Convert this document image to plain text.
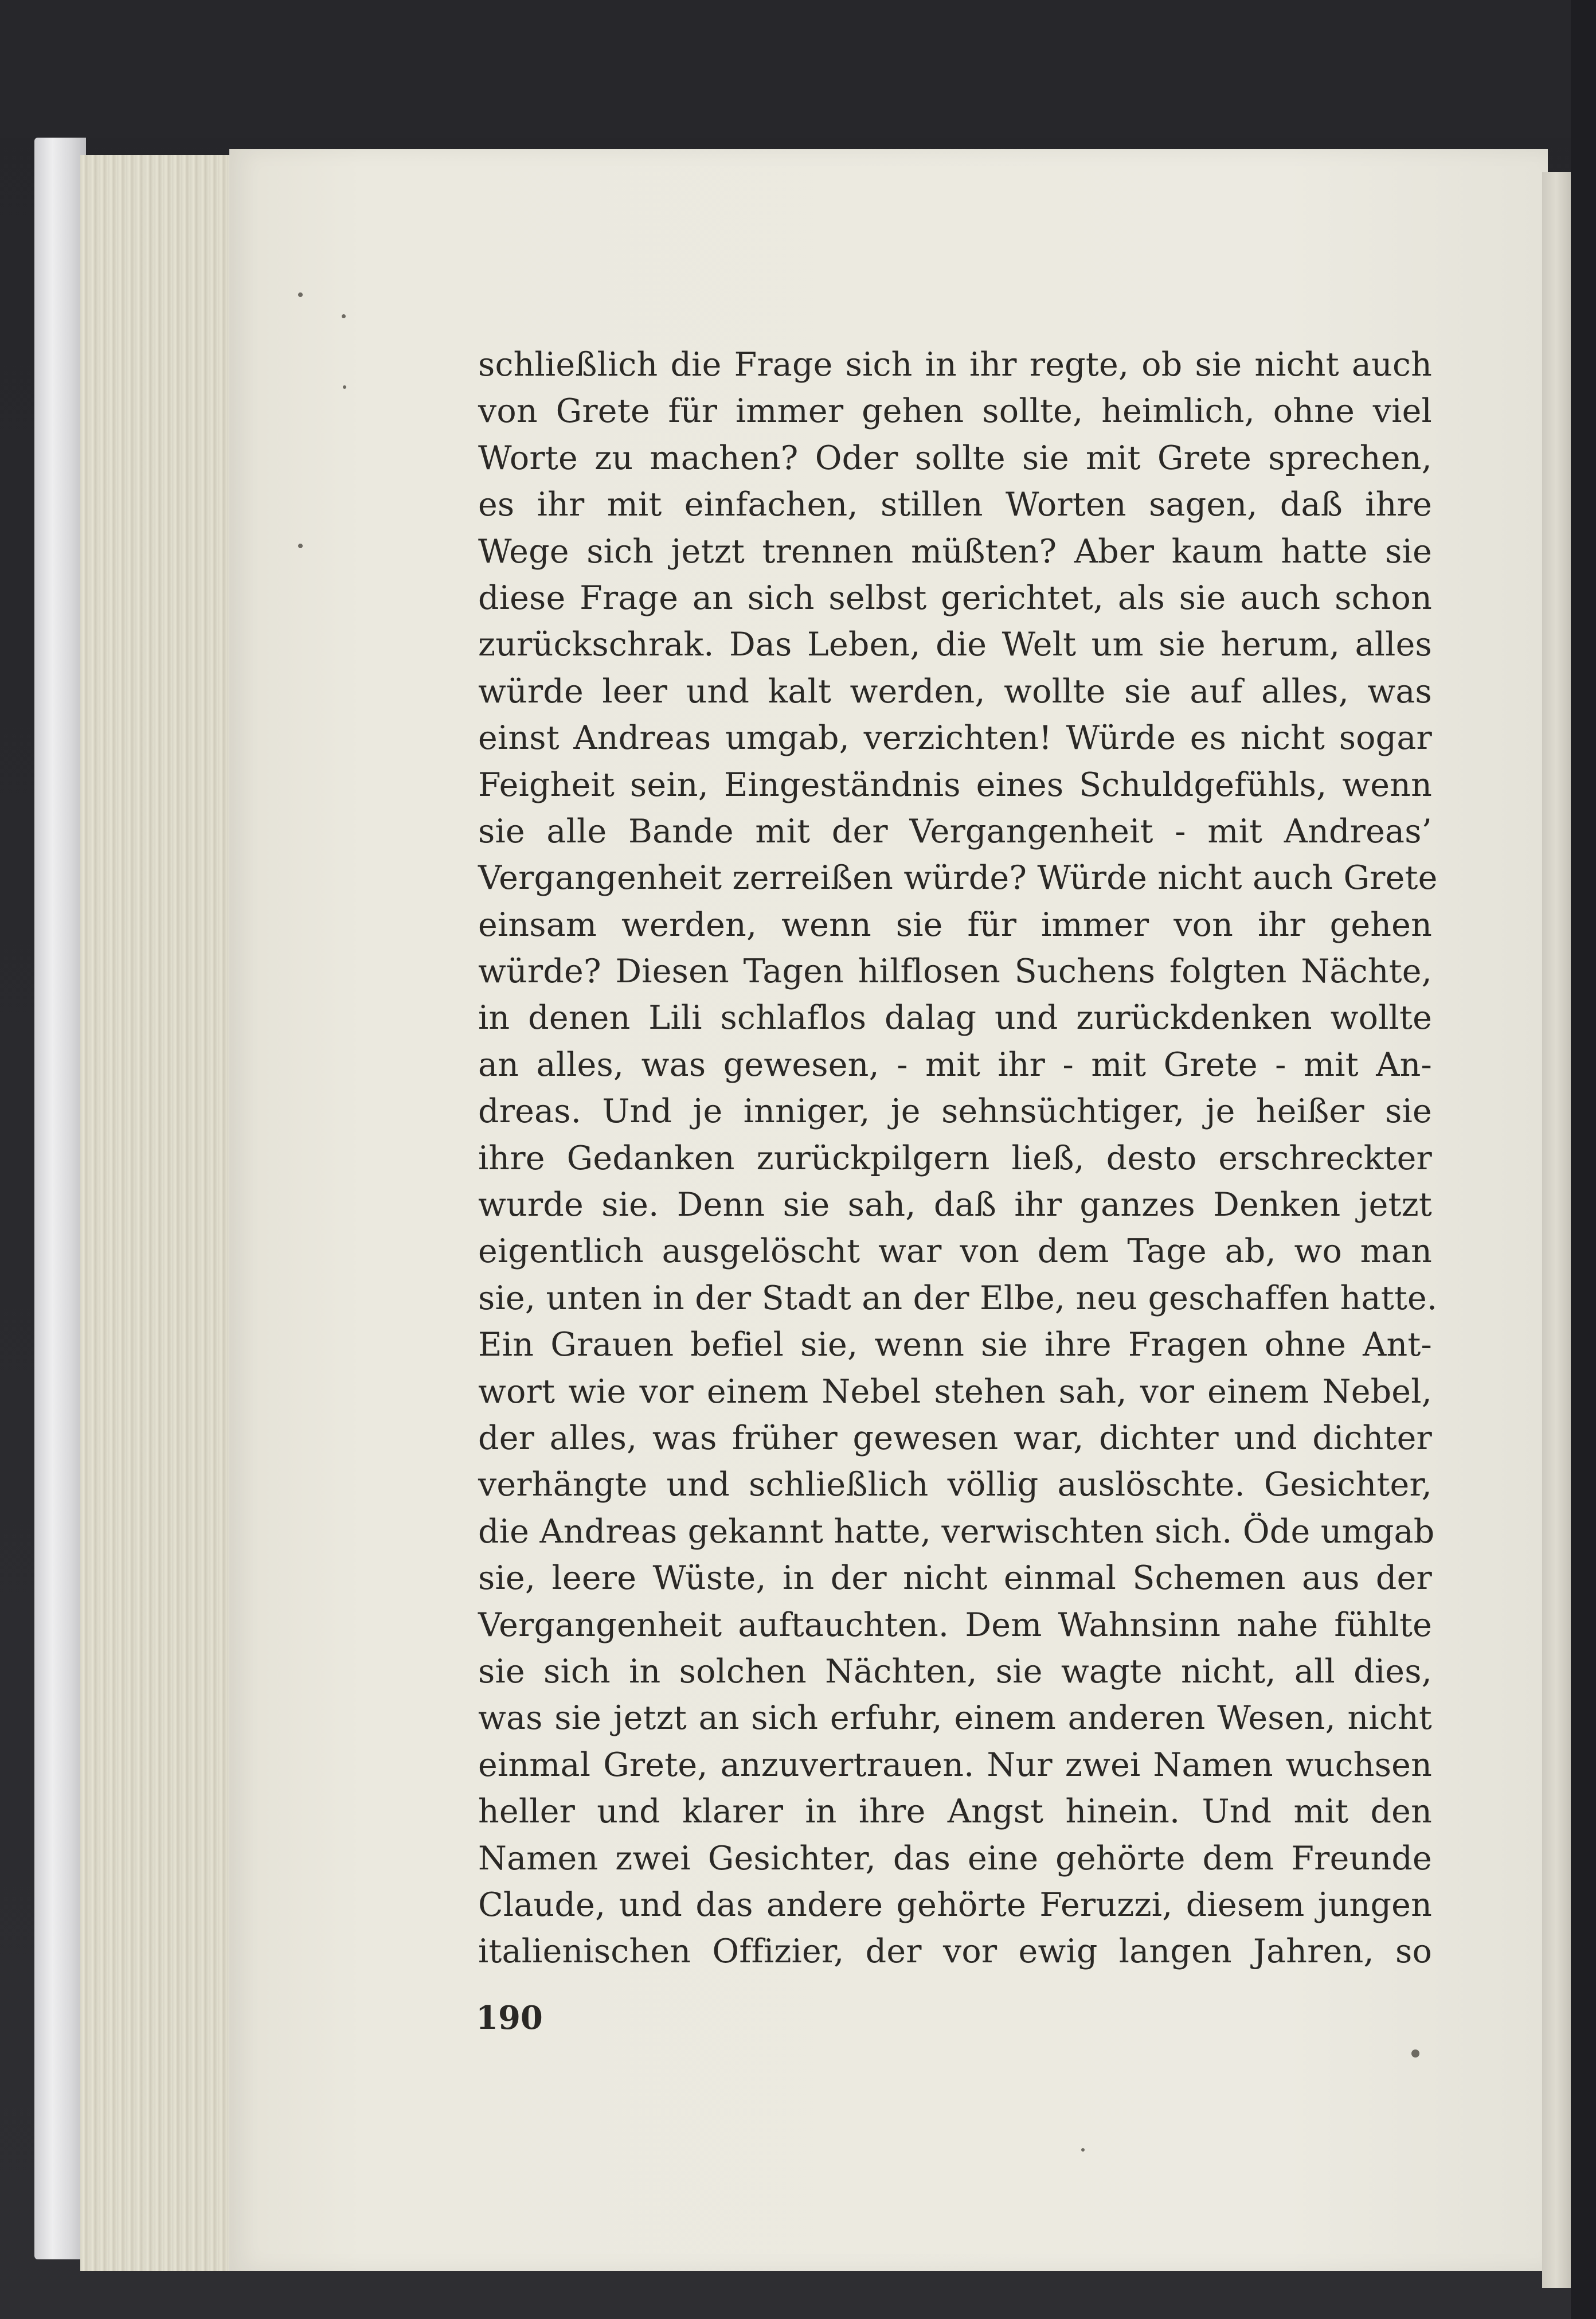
schließlich die Frage sich in ihr regte, ob sie nicht auch
von Grete für immer gehen sollte, heimlich, ohne viel
Worte zu machen? Oder sollte sie mit Grete sprechen,
es ihr mit einfachen, stillen Worten sagen, daß ihre
Wege sich jetzt trennen müßten? Aber kaum hatte sie
diese Frage an sich selbst gerichtet, als sie auch schon
zurückschrak. Das Leben, die Welt um sie herum, alles
würde leer und kalt werden, wollte sie auf alles, was
einst Andreas umgab, verzichten! Würde es nicht sogar
Feigheit sein, Eingeständnis eines Schuldgefühls, wenn
sie alle Bande mit der Vergangenheit - mit Andreas’
Vergangenheit zerreißen würde? Würde nicht auch Grete
einsam werden, wenn sie für immer von ihr gehen
würde? Diesen Tagen hilflosen Suchens folgten Nächte,
in denen Lili schlaflos dalag und zurückdenken wollte
an alles, was gewesen, - mit ihr - mit Grete - mit An-
dreas. Und je inniger, je sehnsüchtiger, je heißer sie
ihre Gedanken zurückpilgern ließ, desto erschreckter
wurde sie. Denn sie sah, daß ihr ganzes Denken jetzt
eigentlich ausgelöscht war von dem Tage ab, wo man
sie, unten in der Stadt an der Elbe, neu geschaffen hatte.
Ein Grauen befiel sie, wenn sie ihre Fragen ohne Ant-
wort wie vor einem Nebel stehen sah, vor einem Nebel,
der alles, was früher gewesen war, dichter und dichter
verhängte und schließlich völlig auslöschte. Gesichter,
die Andreas gekannt hatte, verwischten sich. Öde umgab
sie, leere Wüste, in der nicht einmal Schemen aus der
Vergangenheit auftauchten. Dem Wahnsinn nahe fühlte
sie sich in solchen Nächten, sie wagte nicht, all dies,
was sie jetzt an sich erfuhr, einem anderen Wesen, nicht
einmal Grete, anzuvertrauen. Nur zwei Namen wuchsen
heller und klarer in ihre Angst hinein. Und mit den
Namen zwei Gesichter, das eine gehörte dem Freunde
Claude, und das andere gehörte Feruzzi, diesem jungen
italienischen Offizier, der vor ewig langen Jahren, so
190
